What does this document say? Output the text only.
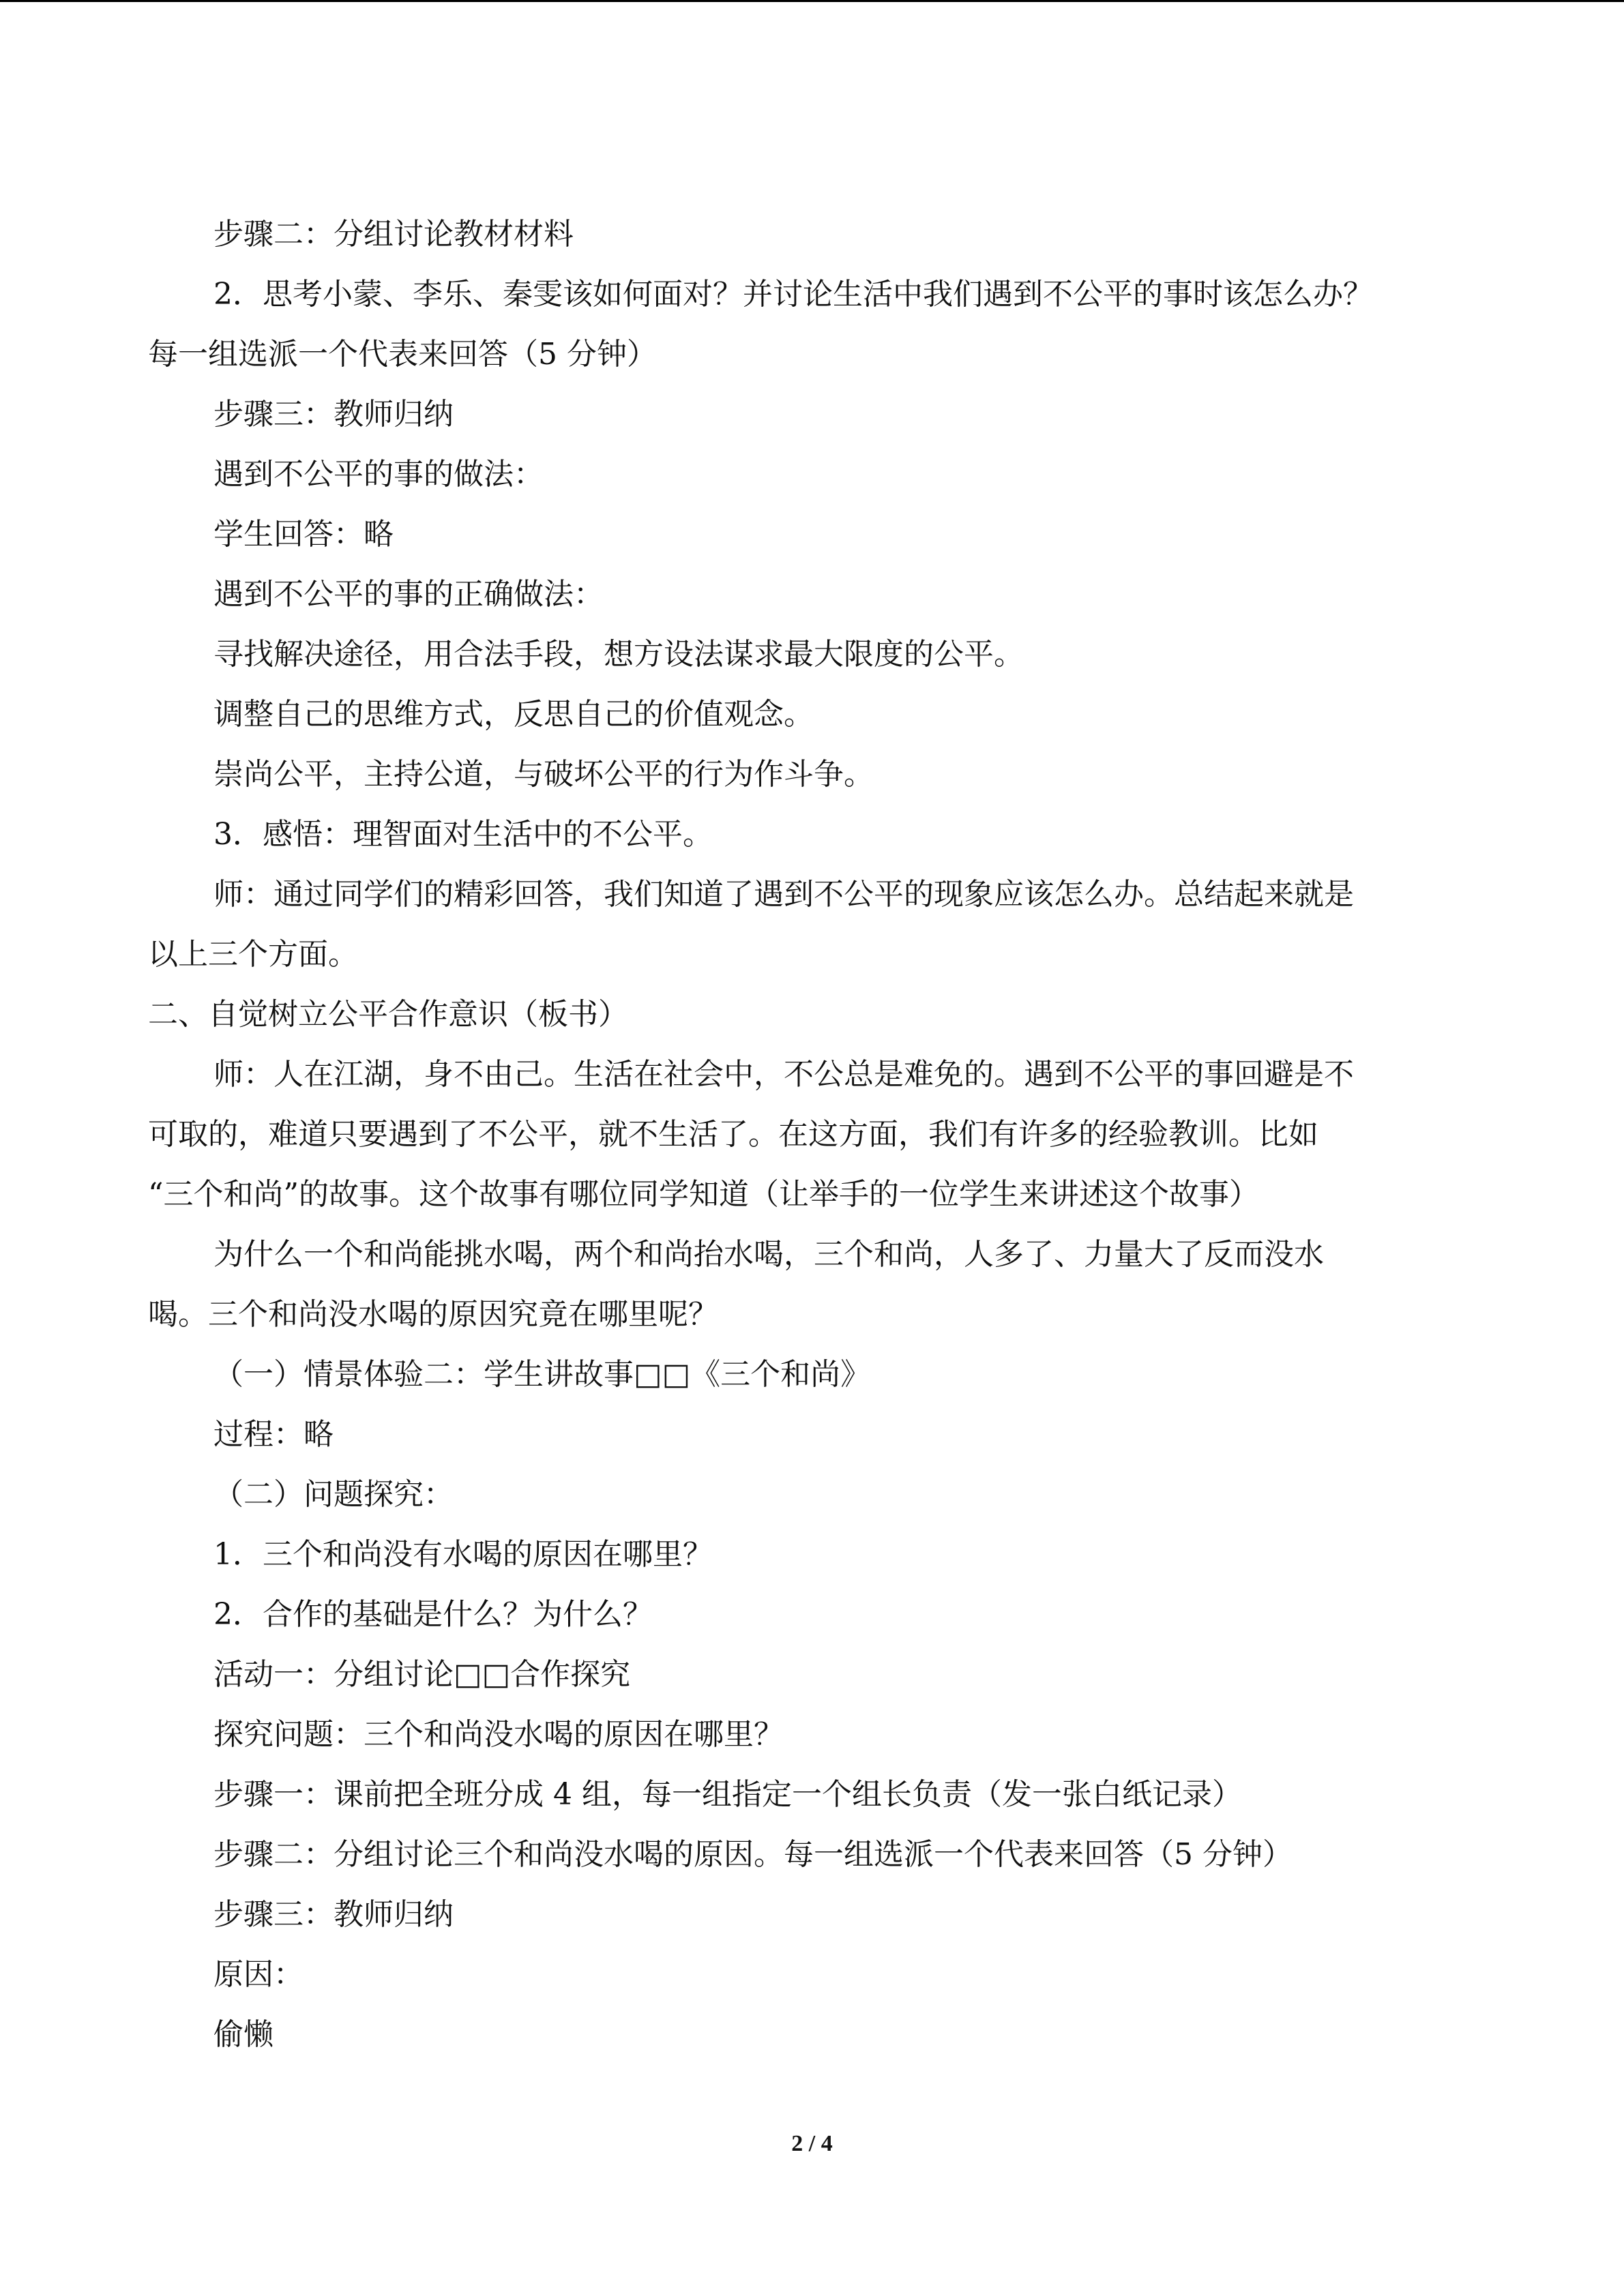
步骤二：分组讨论教材材料
2．思考小蒙、李乐、秦雯该如何面对？并讨论生活中我们遇到不公平的事时该怎么办？
每一组选派一个代表来回答（5 分钟）
步骤三：教师归纳
遇到不公平的事的做法：
学生回答：略
遇到不公平的事的正确做法：
寻找解决途径，用合法手段，想方设法谋求最大限度的公平。
调整自己的思维方式，反思自己的价值观念。
崇尚公平，主持公道，与破坏公平的行为作斗争。
3．感悟：理智面对生活中的不公平。
师：通过同学们的精彩回答，我们知道了遇到不公平的现象应该怎么办。总结起来就是
以上三个方面。
二、自觉树立公平合作意识（板书）
师：人在江湖，身不由己。生活在社会中，不公总是难免的。遇到不公平的事回避是不
可取的，难道只要遇到了不公平，就不生活了。在这方面，我们有许多的经验教训。比如
“三个和尚”的故事。这个故事有哪位同学知道（让举手的一位学生来讲述这个故事）
为什么一个和尚能挑水喝，两个和尚抬水喝，三个和尚，人多了、力量大了反而没水
喝。三个和尚没水喝的原因究竟在哪里呢？
（一）情景体验二：学生讲故事□□《三个和尚》
过程：略
（二）问题探究：
1．三个和尚没有水喝的原因在哪里？
2．合作的基础是什么？为什么？
活动一：分组讨论□□合作探究
探究问题：三个和尚没水喝的原因在哪里？
步骤一：课前把全班分成 4 组，每一组指定一个组长负责（发一张白纸记录）
步骤二：分组讨论三个和尚没水喝的原因。每一组选派一个代表来回答（5 分钟）
步骤三：教师归纳
原因：
偷懒
2 / 4
